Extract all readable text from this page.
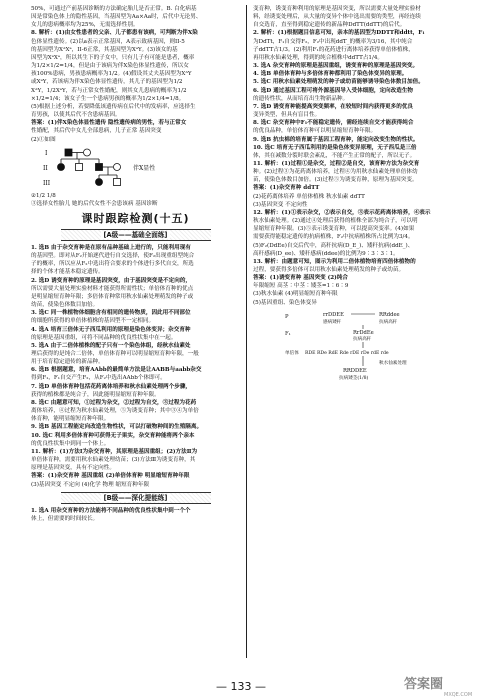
50%，可通过产前基因诊断的方法确定胎儿是否正常。B. 白化病基

因是常染色体上的隐性基因，当基因型为Aa×Aa时，后代中无论男、

女儿的患病概率均为25%，无需选择性别。

8. 解析：(1)由女性患者的父亲、儿子都患有该病，可判断为伴X染

色体显性遗传。(2)以a表示正常基因，A表示致病基因，则II-5

的基因型为XᴬXᵃ，II-6正常，其基因型为XᵃY。(3)该女的基

因型为XᵃXᵃ，所以其生下的子女中，只有儿子有可能是患者，概率

为1/2×1/2=1/4，但是由于该病为伴X染色体显性遗传，所以女

孩100%患病，男孩患病概率为1/2。(4)假设其丈夫基因型为XᴬY

或XᵃY，若该病为伴X染色体显性遗传，其儿子的基因型为1/2

XᴬY，1/2XᵃY，若与正常女性婚配，则其女儿患病的概率为1/2

×1/2=1/4；该女子生一个患病男孩的概率为1/2×1/4=1/8。

(5)根据上述分析，若要降低该遗传病在后代中的发病率，应选择生

育男孩，以使其后代不含患病基因。

答案：(1)伴X染色体显性遗传 隐性遗传病的男性，若与正常女

性婚配，其后代中女儿全部患病，儿子正常 基因突变

(2)①如图

I
II
III
伴X显性

②1/2 1/8

③选择女性胎儿 她的后代女性不会患该病 基因诊断

课时跟踪检测(十五)
[A级——基础全面练]

1. 选B 由于杂交育种是在原有品种基础上进行的，只能利用现有

的基因型。即对从F₂开始逐代进行自交选择，使F₂出现重组型纯合

子的概率，所以应从F₂中选出符合要求的个体进行多代自交，所选

择的个体才能基本稳定遗传。

2. 选D 诱变育种的原理是基因突变，由于基因突变是不定向的，

所以需要大量处理实验材料才能获得所需性状；单倍体育种的优点

是明显缩短育种年限；多倍体育种常用秋水仙素处理萌发的种子或

幼苗，使染色体数目加倍。

3. 选C 同一株植物体细胞含有相同的遗传物质，因此用不同部位

的细胞所获得的单倍体植株的基因型不一定相同。

4. 选A 培育三倍体无子西瓜利用的原理是染色体变异；杂交育种

的原理是基因重组，可将不同品种的优良性状集中在一起。

5. 选A 由于二倍体植株的配子只有一个染色体组，经秋水仙素处

理后获得的是纯合二倍体，单倍体育种可以明显缩短育种年限，一般

用于培育稳定遗传的新品种。

6. 选B 根据题意，培育AAbb的最简单方法是让AABB与aabb杂交

得到F₁，F₁自交产生F₂，从F₂中选出AAbb个体即可。

7. 选D 单倍体育种包括花药离体培养和秋水仙素处理两个步骤，

获得的植株都是纯合子，因此能明显缩短育种年限。

8. 选C 由题意可知，①过程为杂交，②过程为自交，③过程为花药

离体培养，④过程为秋水仙素处理，⑤为诱变育种；其中③④为单倍

体育种，能明显缩短育种年限。

9. 选B 基因工程能定向改造生物性状，可以打破物种间的生殖隔离。

10. 选C 利用多倍体育种可获得无子果实，杂交育种能将两个亲本

的优良性状集中到同一个体上。

11. 解析：(1)方法Ⅰ为杂交育种，其原理是基因重组；(2)方法Ⅱ为

单倍体育种，需要用秋水仙素处理幼苗；(3)方法Ⅲ为诱变育种，其

原理是基因突变，具有不定向性。

答案：(1)杂交育种 基因重组 (2)单倍体育种 明显缩短育种年限

(3)基因突变 不定向 (4)化学 物理 缩短育种年限

[B级——深化提能练]

1. 选A 用杂交育种的方法能将不同品种的优良性状集中到一个个

体上，但需要的时间较长。

变育种，诱变育种利用的原理是基因突变，所以需要大量处理实验材

料，经诱变处理后，从大量的变异个体中选出需要的类型，再经连续

自交选育，直至得到稳定遗传的新品种DdTT(ddTT)的后代。

2. 解析：(1)根据题目信息可知，亲本的基因型为DDTT和ddtt，F₁

为DdTt，F₁自交得F₂，F₂中出现ddT_的概率为3/16，其中纯合

子ddTT占1/3。(2)利用F₁的花药进行离体培养获得单倍体植株，

再用秋水仙素处理，得到的纯合植株中ddTT占1/4。

3. 选A 杂交育种的原理是基因重组，诱变育种的原理是基因突变。

4. 选B 单倍体育种与多倍体育种都利用了染色体变异的原理。

5. 选C 用秋水仙素处理萌发的种子或幼苗能够诱导染色体数目加倍。

6. 选D 通过基因工程可将外源基因导入受体细胞，定向改造生物

的遗传性状，从而培育出生物新品种。

7. 选D 诱变育种能提高突变频率，在较短时间内获得更多的优良

变异类型，但具有盲目性。

8. 选C 杂交育种中F₁不能稳定遗传，需经连续自交才能获得纯合

的优良品种，单倍体育种可以明显缩短育种年限。

9. 选B 抗虫棉的培育属于基因工程育种，能定向改变生物的性状。

10. 选C 培育无子西瓜利用的是染色体变异原理，无子西瓜是三倍

体，其在减数分裂时联会紊乱，不能产生正常的配子，所以无子。

11. 解析：(1)过程①是杂交，过程②是自交，该育种方法为杂交育

种。(2)过程③为花药离体培养，过程④为用秋水仙素处理单倍体幼

苗，使染色体数目加倍。(3)过程⑤为诱变育种，原理为基因突变。

答案：(1)杂交育种 ddTT

(2)花药离体培养 单倍体植株 秋水仙素 ddTT

(3)基因突变 不定向性

12. 解析：(1)①表示杂交，②表示自交，③表示花药离体培养，④表示

秋水仙素处理。(2)通过④处理后获得的植株全部为纯合子，可以明

显缩短育种年限。(3)⑤表示诱变育种，可以提高突变率。(4)如果

需要获得能稳定遗传的抗病植株，F₂中抗病植株所占比例为3/4。

(5)F₂(DdEe)自交后代中，高秆抗病(D_E_)、矮秆抗病(ddE_)、

高秆感病(D_ee)、矮秆感病(ddee)的比例为9∶3∶3∶1。

13. 解析：由题意可知，图示为利用二倍体植物培育四倍体植物的

过程，要获得多倍体可以用秋水仙素处理萌发的种子或幼苗。

答案：(1)诱变育种 基因突变 (2)纯合

年限缩短 高茎∶中茎∶矮茎=1∶6∶9

(3)秋水仙素 (4)明显缩短育种年限

(5)基因重组、染色体变异

P	rrDDEE	RRddee
感病矮秆	抗病高秆
F₁	RrDdEe
抗病高秆
单倍体 RDE RDe RdE Rde rDE rDe rdE rde
秋水仙素处理
RRDDEE
抗病矮茎(1/8)
— 133 —	答案圈
MXQE.COM
